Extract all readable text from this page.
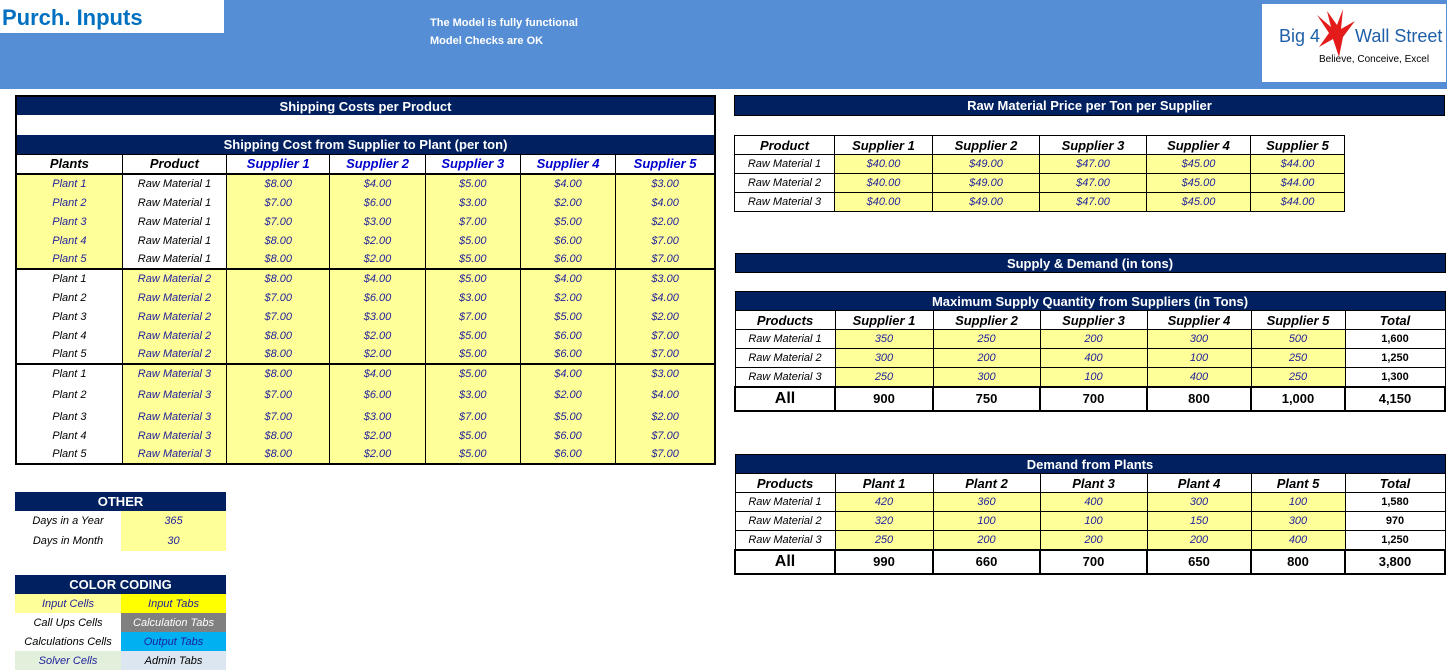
Purch. Inputs	The Model is fully functional
Model Checks are OK	Big 4 Wall Street
Believe, Conceive, Excel
Shipping Costs per Product						

Shipping Cost from Supplier to Plant (per ton)						
Plants	Product	Supplier 1	Supplier 2	Supplier 3	Supplier 4	Supplier 5
Plant 1	Raw Material 1	$8.00	$4.00	$5.00	$4.00	$3.00
Plant 2	Raw Material 1	$7.00	$6.00	$3.00	$2.00	$4.00
Plant 3	Raw Material 1	$7.00	$3.00	$7.00	$5.00	$2.00
Plant 4	Raw Material 1	$8.00	$2.00	$5.00	$6.00	$7.00
Plant 5	Raw Material 1	$8.00	$2.00	$5.00	$6.00	$7.00
Plant 1	Raw Material 2	$8.00	$4.00	$5.00	$4.00	$3.00
Plant 2	Raw Material 2	$7.00	$6.00	$3.00	$2.00	$4.00
Plant 3	Raw Material 2	$7.00	$3.00	$7.00	$5.00	$2.00
Plant 4	Raw Material 2	$8.00	$2.00	$5.00	$6.00	$7.00
Plant 5	Raw Material 2	$8.00	$2.00	$5.00	$6.00	$7.00
Plant 1	Raw Material 3	$8.00	$4.00	$5.00	$4.00	$3.00
Plant 2	Raw Material 3	$7.00	$6.00	$3.00	$2.00	$4.00
Plant 3	Raw Material 3	$7.00	$3.00	$7.00	$5.00	$2.00
Plant 4	Raw Material 3	$8.00	$2.00	$5.00	$6.00	$7.00
Plant 5	Raw Material 3	$8.00	$2.00	$5.00	$6.00	$7.00
Raw Material Price per Ton per Supplier						

Product	Supplier 1	Supplier 2	Supplier 3	Supplier 4	Supplier 5	
Raw Material 1	$40.00	$49.00	$47.00	$45.00	$44.00	
Raw Material 2	$40.00	$49.00	$47.00	$45.00	$44.00	
Raw Material 3	$40.00	$49.00	$47.00	$45.00	$44.00	
Supply & Demand (in tons)						

Maximum Supply Quantity from Suppliers (in Tons)						
Products	Supplier 1	Supplier 2	Supplier 3	Supplier 4	Supplier 5	Total
Raw Material 1	350	250	200	300	500	1,600
Raw Material 2	300	200	400	100	250	1,250
Raw Material 3	250	300	100	400	250	1,300
All	900	750	700	800	1,000	4,150
Demand from Plants						
Products	Plant 1	Plant 2	Plant 3	Plant 4	Plant 5	Total
Raw Material 1	420	360	400	300	100	1,580
Raw Material 2	320	100	100	150	300	970
Raw Material 3	250	200	200	200	400	1,250
All	990	660	700	650	800	3,800
OTHER	
Days in a Year	365
Days in Month	30
COLOR CODING	
Input Cells	Input Tabs
Call Ups Cells	Calculation Tabs
Calculations Cells	Output Tabs
Solver Cells	Admin Tabs
